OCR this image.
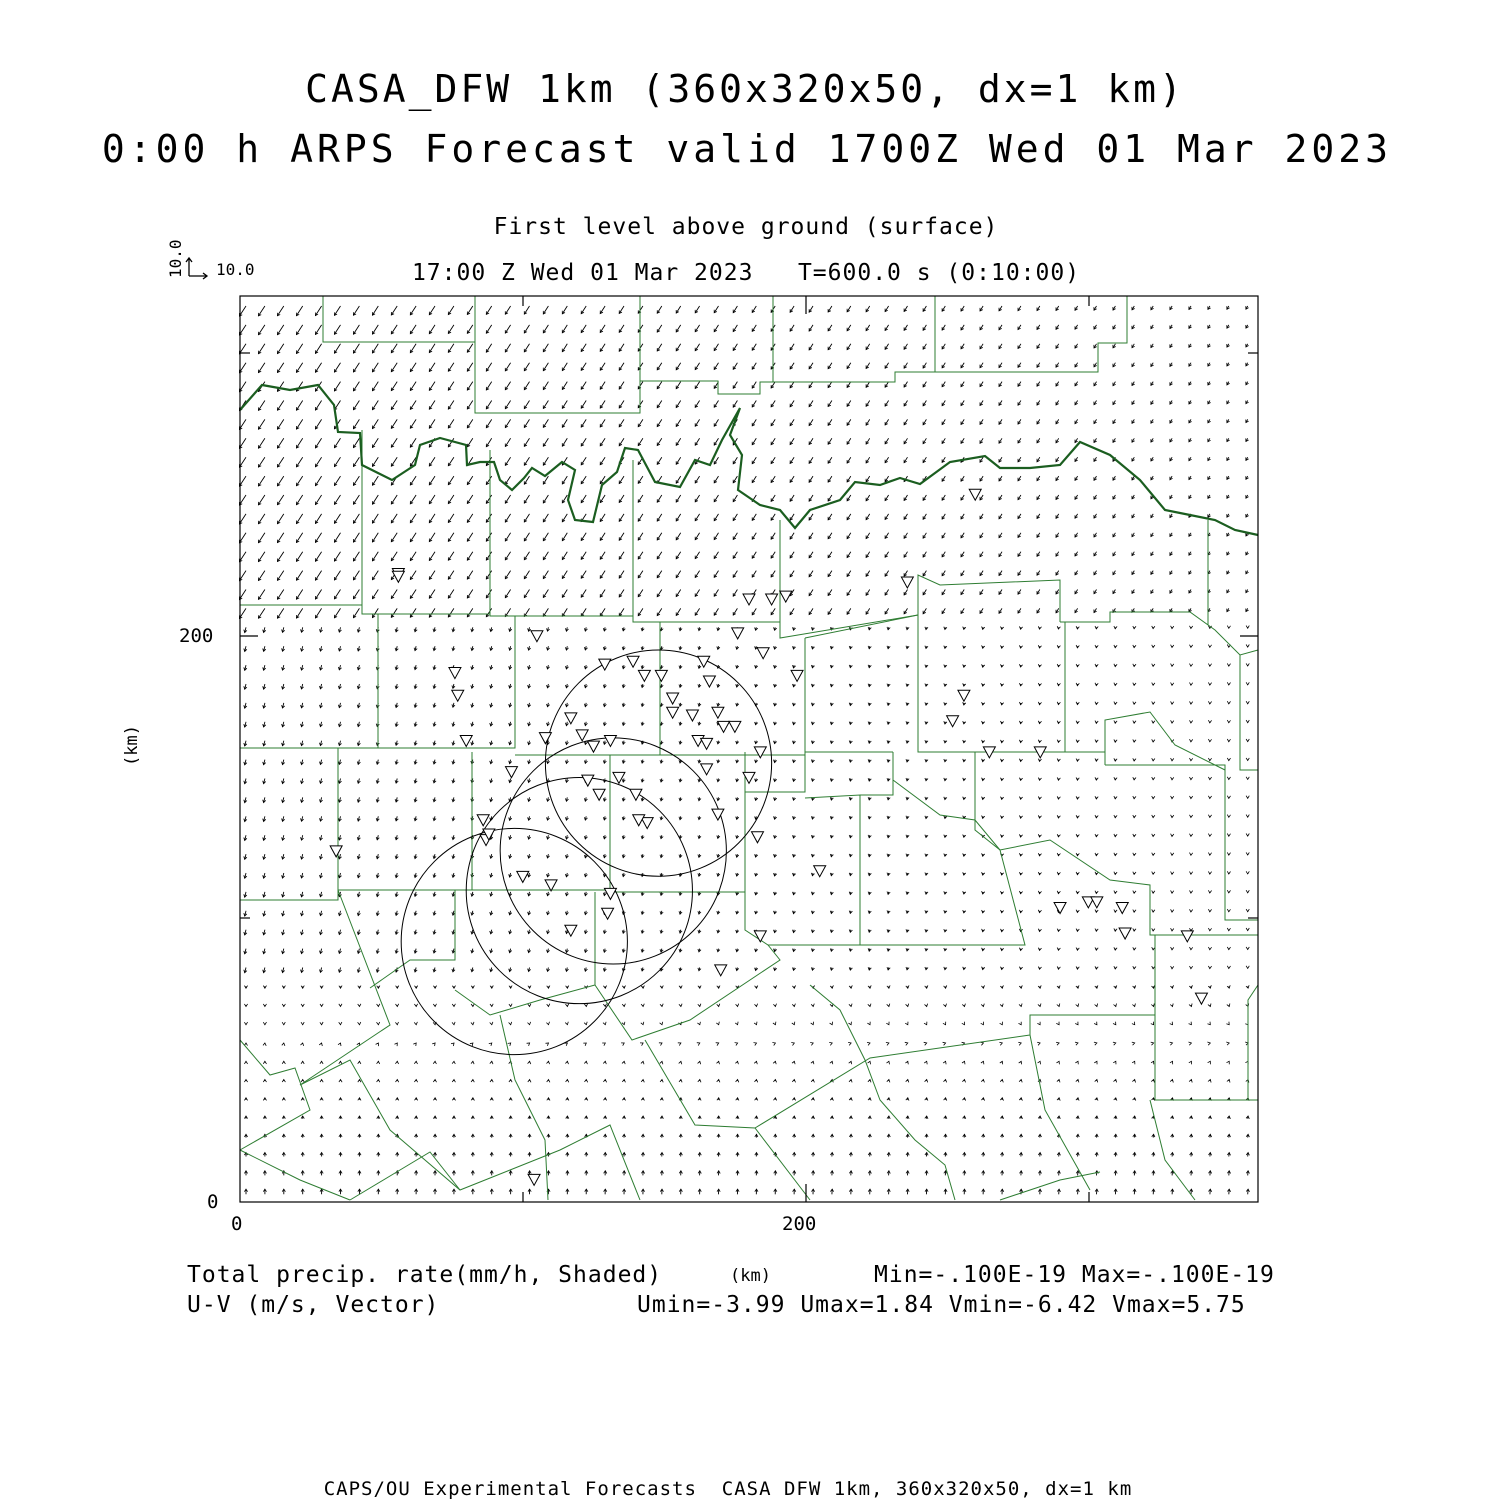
CASA_DFW 1km (360x320x50, dx=1 km)
0:00 h ARPS Forecast valid 1700Z Wed 01 Mar 2023
First level above ground (surface)
17:00 Z Wed 01 Mar 2023   T=600.0 s (0:10:00)
10.0
10.0
(km)
(km)
200
0
0	200
Total precip. rate(mm/h, Shaded)	Min=-.100E-19 Max=-.100E-19
U-V (m/s, Vector)	Umin=-3.99 Umax=1.84 Vmin=-6.42 Vmax=5.75
CAPS/OU Experimental Forecasts  CASA DFW 1km, 360x320x50, dx=1 km
